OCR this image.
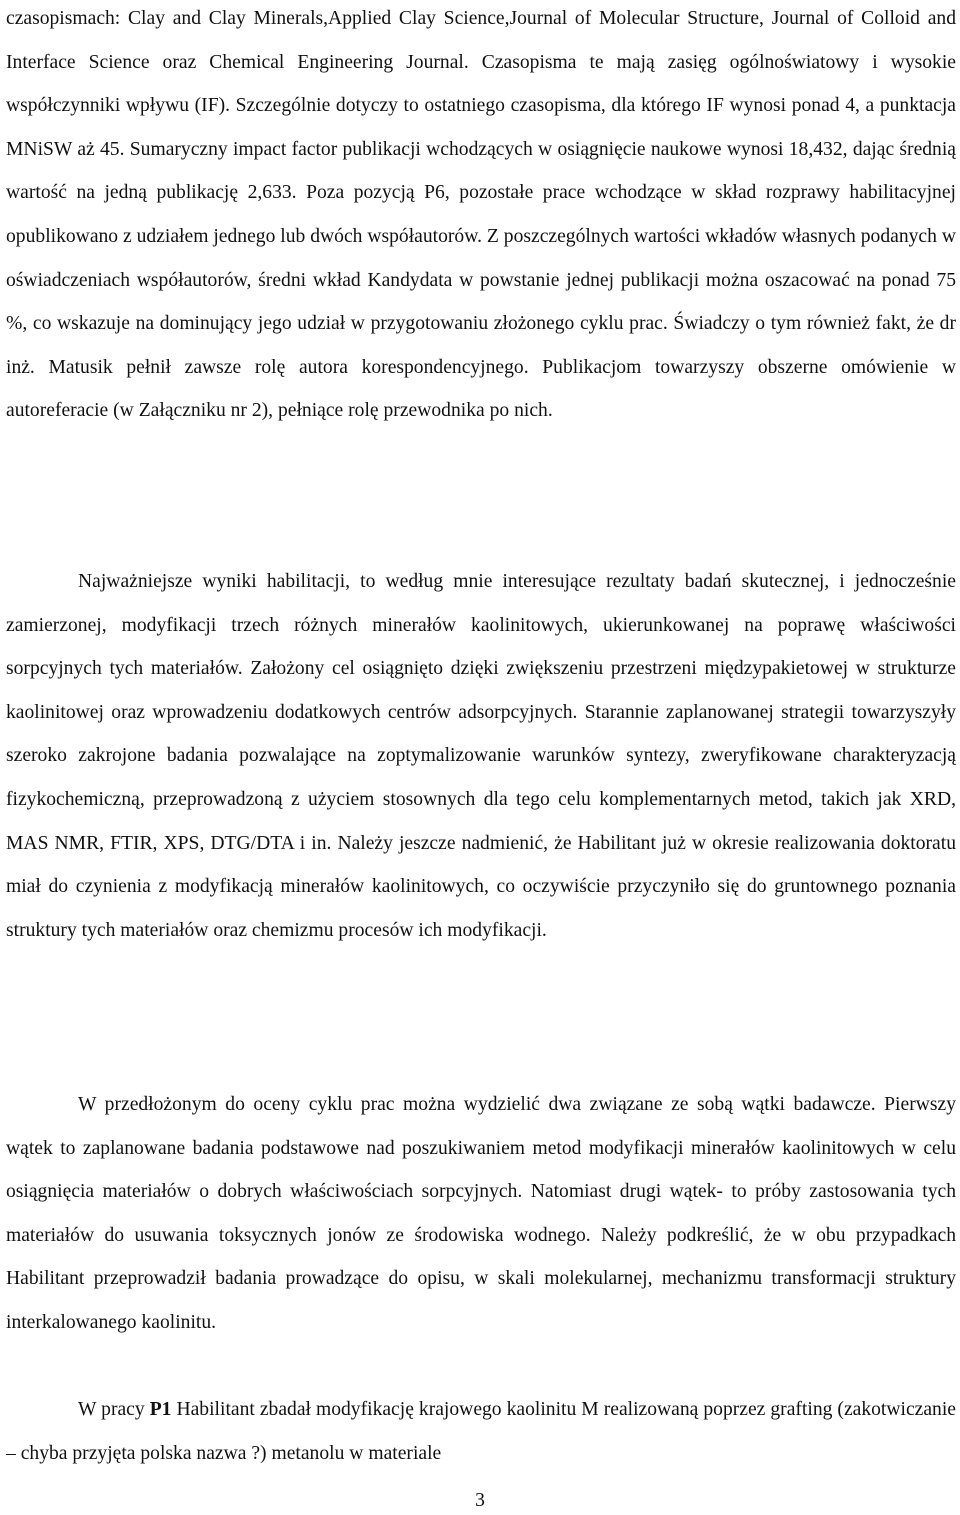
czasopismach: Clay and Clay Minerals,Applied Clay Science,Journal of Molecular Structure, Journal of Colloid and Interface Science oraz Chemical Engineering Journal. Czasopisma te mają zasięg ogólnoświatowy i wysokie współczynniki wpływu (IF). Szczególnie dotyczy to ostatniego czasopisma, dla którego IF wynosi ponad 4, a punktacja MNiSW aż 45. Sumaryczny impact factor publikacji wchodzących w osiągnięcie naukowe wynosi 18,432, dając średnią wartość na jedną publikację 2,633. Poza pozycją P6, pozostałe prace wchodzące w skład rozprawy habilitacyjnej opublikowano z udziałem jednego lub dwóch współautorów. Z poszczególnych wartości wkładów własnych podanych w oświadczeniach współautorów, średni wkład Kandydata w powstanie jednej publikacji można oszacować na ponad 75 %, co wskazuje na dominujący jego udział w przygotowaniu złożonego cyklu prac. Świadczy o tym również fakt, że dr inż. Matusik pełnił zawsze rolę autora korespondencyjnego. Publikacjom towarzyszy obszerne omówienie w autoreferacie (w Załączniku nr 2), pełniące rolę przewodnika po nich.

Najważniejsze wyniki habilitacji, to według mnie interesujące rezultaty badań skutecznej, i jednocześnie zamierzonej, modyfikacji trzech różnych minerałów kaolinitowych, ukierunkowanej na poprawę właściwości sorpcyjnych tych materiałów. Założony cel osiągnięto dzięki zwiększeniu przestrzeni międzypakietowej w strukturze kaolinitowej oraz wprowadzeniu dodatkowych centrów adsorpcyjnych. Starannie zaplanowanej strategii towarzyszyły szeroko zakrojone badania pozwalające na zoptymalizowanie warunków syntezy, zweryfikowane charakteryzacją fizykochemiczną, przeprowadzoną z użyciem stosownych dla tego celu komplementarnych metod, takich jak XRD, MAS NMR, FTIR, XPS, DTG/DTA i in. Należy jeszcze nadmienić, że Habilitant już w okresie realizowania doktoratu miał do czynienia z modyfikacją minerałów kaolinitowych, co oczywiście przyczyniło się do gruntownego poznania struktury tych materiałów oraz chemizmu procesów ich modyfikacji.

W przedłożonym do oceny cyklu prac można wydzielić dwa związane ze sobą wątki badawcze. Pierwszy wątek to zaplanowane badania podstawowe nad poszukiwaniem metod modyfikacji minerałów kaolinitowych w celu osiągnięcia materiałów o dobrych właściwościach sorpcyjnych. Natomiast drugi wątek- to próby zastosowania tych materiałów do usuwania toksycznych jonów ze środowiska wodnego. Należy podkreślić, że w obu przypadkach Habilitant przeprowadził badania prowadzące do opisu, w skali molekularnej, mechanizmu transformacji struktury interkalowanego kaolinitu.

W pracy P1 Habilitant zbadał modyfikację krajowego kaolinitu M realizowaną poprzez grafting (zakotwiczanie – chyba przyjęta polska nazwa ?) metanolu w materiale

3
